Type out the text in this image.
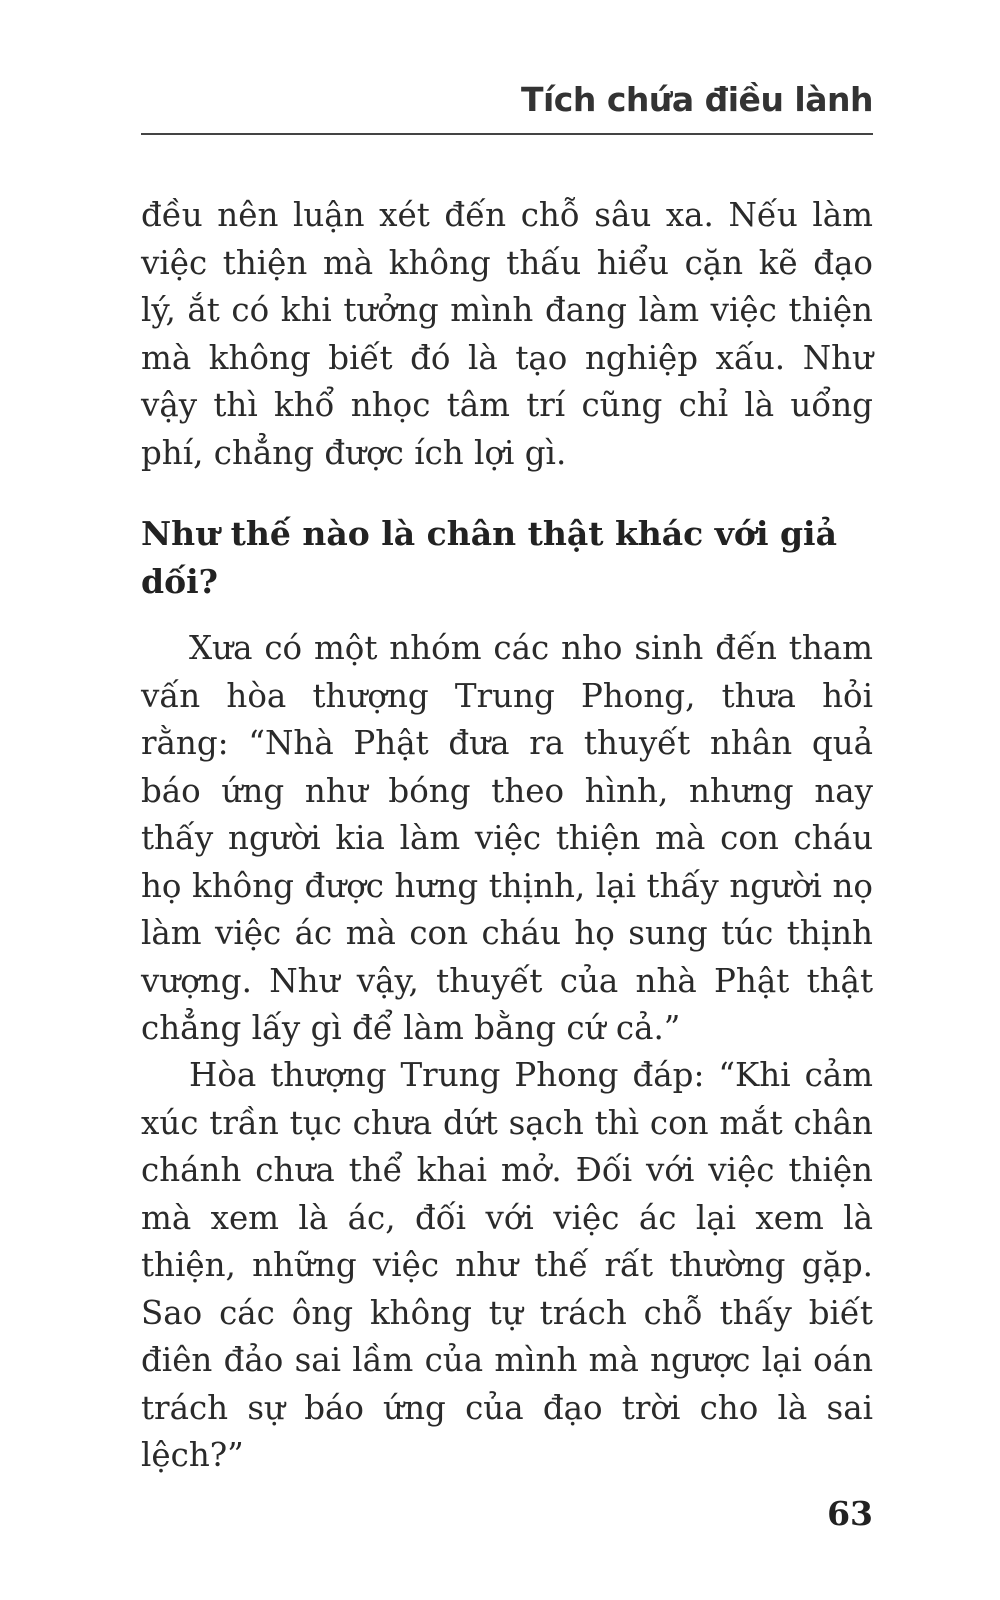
Tích chứa điều lành

đều nên luận xét đến chỗ sâu xa. Nếu làm việc thiện mà không thấu hiểu cặn kẽ đạo lý, ắt có khi tưởng mình đang làm việc thiện mà không biết đó là tạo nghiệp xấu. Như vậy thì khổ nhọc tâm trí cũng chỉ là uổng phí, chẳng được ích lợi gì.

Như thế nào là chân thật khác với giả dối?

Xưa có một nhóm các nho sinh đến tham vấn hòa thượng Trung Phong, thưa hỏi rằng: “Nhà Phật đưa ra thuyết nhân quả báo ứng như bóng theo hình, nhưng nay thấy người kia làm việc thiện mà con cháu họ không được hưng thịnh, lại thấy người nọ làm việc ác mà con cháu họ sung túc thịnh vượng. Như vậy, thuyết của nhà Phật thật chẳng lấy gì để làm bằng cứ cả.”

Hòa thượng Trung Phong đáp: “Khi cảm xúc trần tục chưa dứt sạch thì con mắt chân chánh chưa thể khai mở. Đối với việc thiện mà xem là ác, đối với việc ác lại xem là thiện, những việc như thế rất thường gặp. Sao các ông không tự trách chỗ thấy biết điên đảo sai lầm của mình mà ngược lại oán trách sự báo ứng của đạo trời cho là sai lệch?”

63
